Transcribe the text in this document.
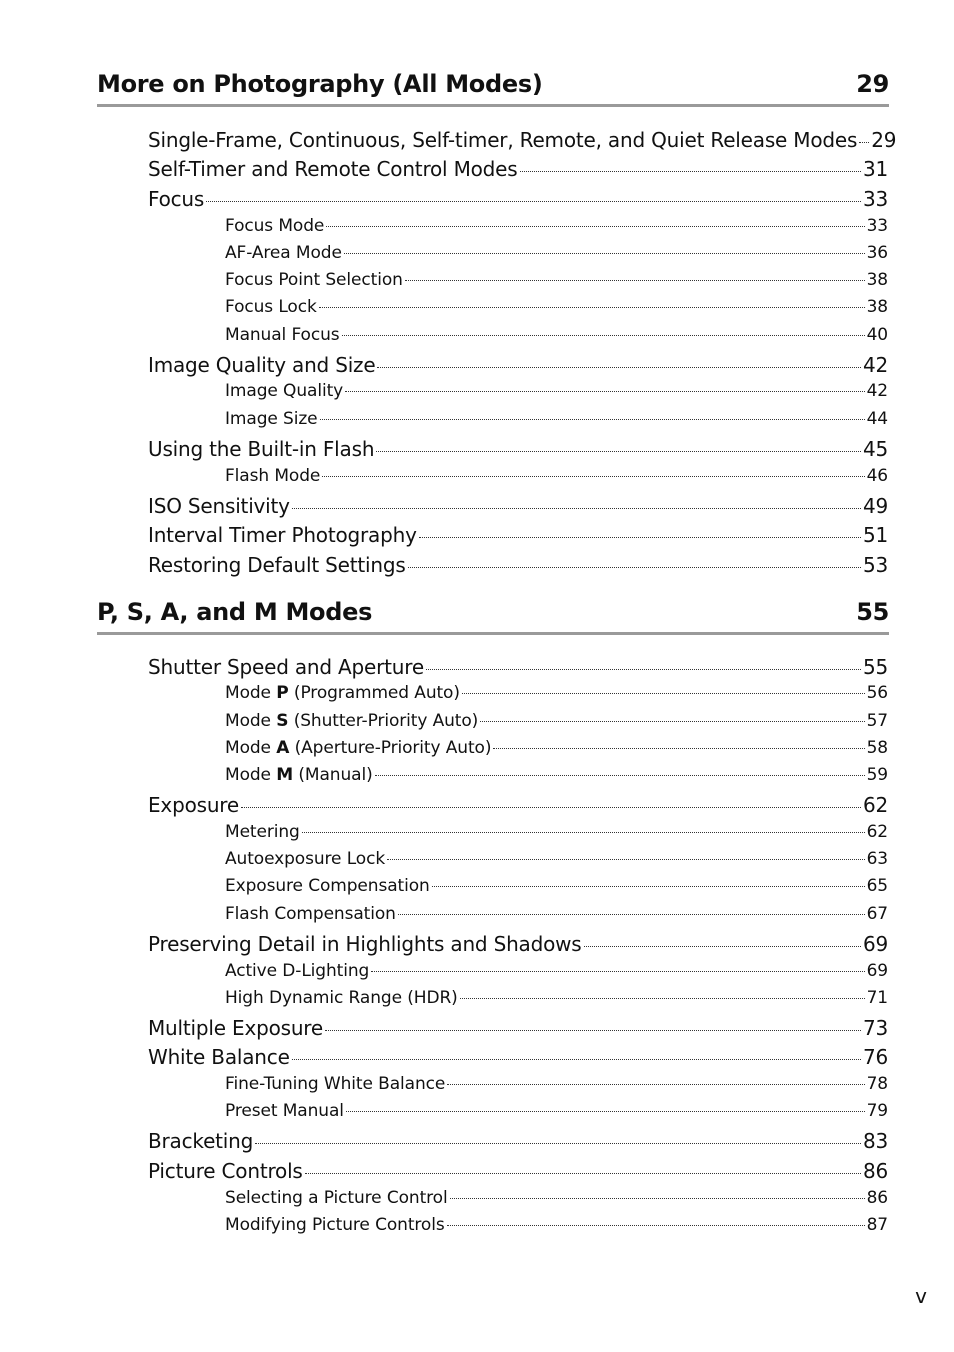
More on Photography (All Modes)	29
Single-Frame, Continuous, Self-timer, Remote, and Quiet Release Modes 29
Self-Timer and Remote Control Modes	31
Focus	33
Focus Mode	33
AF-Area Mode	36
Focus Point Selection	38
Focus Lock	38
Manual Focus	40
Image Quality and Size	42
Image Quality	42
Image Size	44
Using the Built-in Flash	45
Flash Mode	46
ISO Sensitivity	49
Interval Timer Photography	51
Restoring Default Settings	53
P, S, A, and M Modes	55
Shutter Speed and Aperture	55
Mode P (Programmed Auto)	56
Mode S (Shutter-Priority Auto)	57
Mode A (Aperture-Priority Auto)	58
Mode M (Manual)	59
Exposure	62
Metering	62
Autoexposure Lock	63
Exposure Compensation	65
Flash Compensation	67
Preserving Detail in Highlights and Shadows	69
Active D-Lighting	69
High Dynamic Range (HDR)	71
Multiple Exposure	73
White Balance	76
Fine-Tuning White Balance	78
Preset Manual	79
Bracketing	83
Picture Controls	86
Selecting a Picture Control	86
Modifying Picture Controls	87
v
